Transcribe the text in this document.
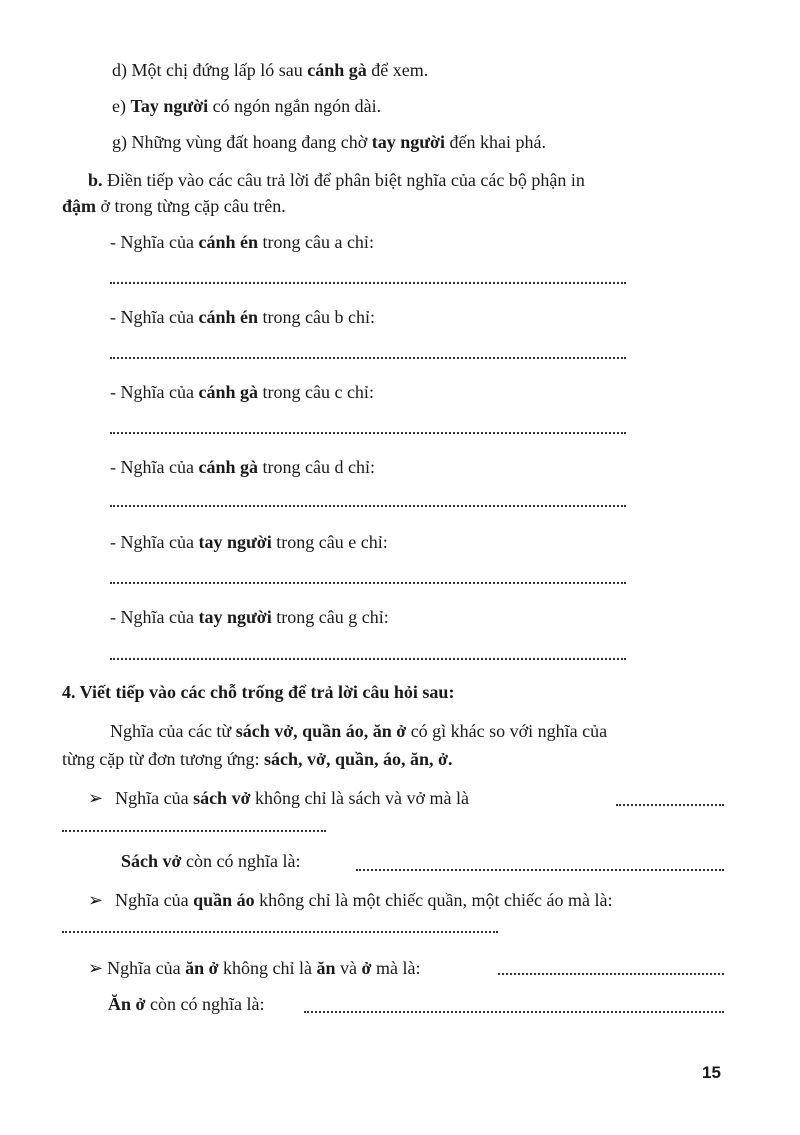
d) Một chị đứng lấp ló sau cánh gà để xem.
e) Tay người có ngón ngắn ngón dài.
g) Những vùng đất hoang đang chờ tay người đến khai phá.
b. Điền tiếp vào các câu trả lời để phân biệt nghĩa của các bộ phận in
đậm ở trong từng cặp câu trên.
- Nghĩa của cánh én trong câu a chỉ:
- Nghĩa của cánh én trong câu b chỉ:
- Nghĩa của cánh gà trong câu c chỉ:
- Nghĩa của cánh gà trong câu d chỉ:
- Nghĩa của tay người trong câu e chỉ:
- Nghĩa của tay người trong câu g chỉ:
4. Viết tiếp vào các chỗ trống để trả lời câu hỏi sau:
Nghĩa của các từ sách vở, quần áo, ăn ở có gì khác so với nghĩa của
từng cặp từ đơn tương ứng: sách, vở, quần, áo, ăn, ở.
➢ Nghĩa của sách vở không chỉ là sách và vở mà là
Sách vở còn có nghĩa là:
➢ Nghĩa của quần áo không chỉ là một chiếc quần, một chiếc áo mà là:
➢ Nghĩa của ăn ở không chỉ là ăn và ở mà là:
Ăn ở còn có nghĩa là:
15
